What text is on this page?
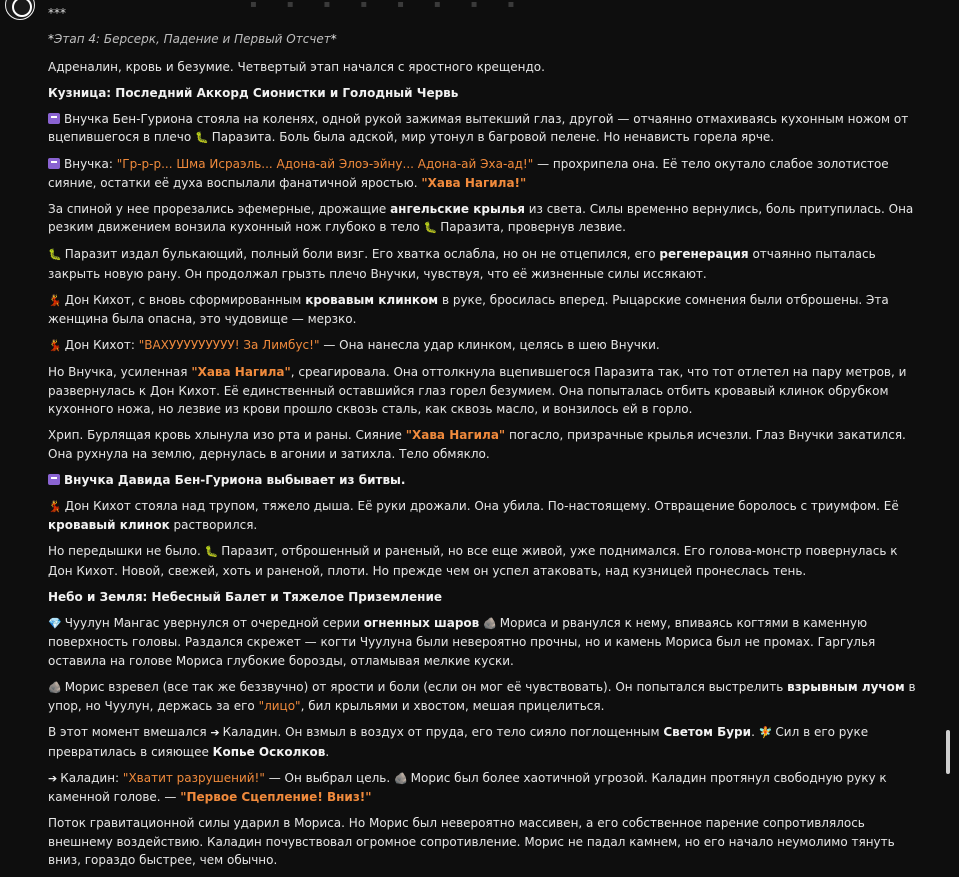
▪▪▪▪▪▪▪▪

***

*Этап 4: Берсерк, Падение и Первый Отсчет*

Адреналин, кровь и безумие. Четвертый этап начался с яростного крещендо.

Кузница: Последний Аккорд Сионистки и Голодный Червь

Внучка Бен-Гуриона стояла на коленях, одной рукой зажимая вытекший глаз, другой — отчаянно отмахиваясь кухонным ножом от вцепившегося в плечо 🐛 Паразита. Боль была адской, мир утонул в багровой пелене. Но ненависть горела ярче.

Внучка: "Гр-р-р... Шма Исраэль... Адона-ай Элоэ-эйну... Адона-ай Эха-ад!" — прохрипела она. Её тело окутало слабое золотистое сияние, остатки её духа воспылали фанатичной яростью. "Хава Нагила!"

За спиной у нее прорезались эфемерные, дрожащие ангельские крылья из света. Силы временно вернулись, боль притупилась. Она резким движением вонзила кухонный нож глубоко в тело 🐛 Паразита, провернув лезвие.

🐛 Паразит издал булькающий, полный боли визг. Его хватка ослабла, но он не отцепился, его регенерация отчаянно пыталась закрыть новую рану. Он продолжал грызть плечо Внучки, чувствуя, что её жизненные силы иссякают.

💃 Дон Кихот, с вновь сформированным кровавым клинком в руке, бросилась вперед. Рыцарские сомнения были отброшены. Эта женщина была опасна, это чудовище — мерзко.

💃 Дон Кихот: "ВАХУУУУУУУУУ! За Лимбус!" — Она нанесла удар клинком, целясь в шею Внучки.

Но Внучка, усиленная "Хава Нагила", среагировала. Она оттолкнула вцепившегося Паразита так, что тот отлетел на пару метров, и развернулась к Дон Кихот. Её единственный оставшийся глаз горел безумием. Она попыталась отбить кровавый клинок обрубком кухонного ножа, но лезвие из крови прошло сквозь сталь, как сквозь масло, и вонзилось ей в горло.

Хрип. Бурлящая кровь хлынула изо рта и раны. Сияние "Хава Нагила" погасло, призрачные крылья исчезли. Глаз Внучки закатился. Она рухнула на землю, дернулась в агонии и затихла. Тело обмякло.

Внучка Давида Бен-Гуриона выбывает из битвы.

💃 Дон Кихот стояла над трупом, тяжело дыша. Её руки дрожали. Она убила. По-настоящему. Отвращение боролось с триумфом. Её кровавый клинок растворился.

Но передышки не было. 🐛 Паразит, отброшенный и раненый, но все еще живой, уже поднимался. Его голова-монстр повернулась к Дон Кихот. Новой, свежей, хоть и раненой, плоти. Но прежде чем он успел атаковать, над кузницей пронеслась тень.

Небо и Земля: Небесный Балет и Тяжелое Приземление

💎 Чуулун Мангас увернулся от очередной серии огненных шаров 🪨 Мориса и рванулся к нему, впиваясь когтями в каменную поверхность головы. Раздался скрежет — когти Чуулуна были невероятно прочны, но и камень Мориса был не промах. Гаргулья оставила на голове Мориса глубокие борозды, отламывая мелкие куски.

🪨 Морис взревел (все так же беззвучно) от ярости и боли (если он мог её чувствовать). Он попытался выстрелить взрывным лучом в упор, но Чуулун, держась за его "лицо", бил крыльями и хвостом, мешая прицелиться.

В этот момент вмешался ➔ Каладин. Он взмыл в воздух от пруда, его тело сияло поглощенным Светом Бури. 🧚 Сил в его руке превратилась в сияющее Копье Осколков.

➔ Каладин: "Хватит разрушений!" — Он выбрал цель. 🪨 Морис был более хаотичной угрозой. Каладин протянул свободную руку к каменной голове. — "Первое Сцепление! Вниз!"

Поток гравитационной силы ударил в Мориса. Но Морис был невероятно массивен, а его собственное парение сопротивлялось внешнему воздействию. Каладин почувствовал огромное сопротивление. Морис не падал камнем, но его начало неумолимо тянуть вниз, гораздо быстрее, чем обычно.
